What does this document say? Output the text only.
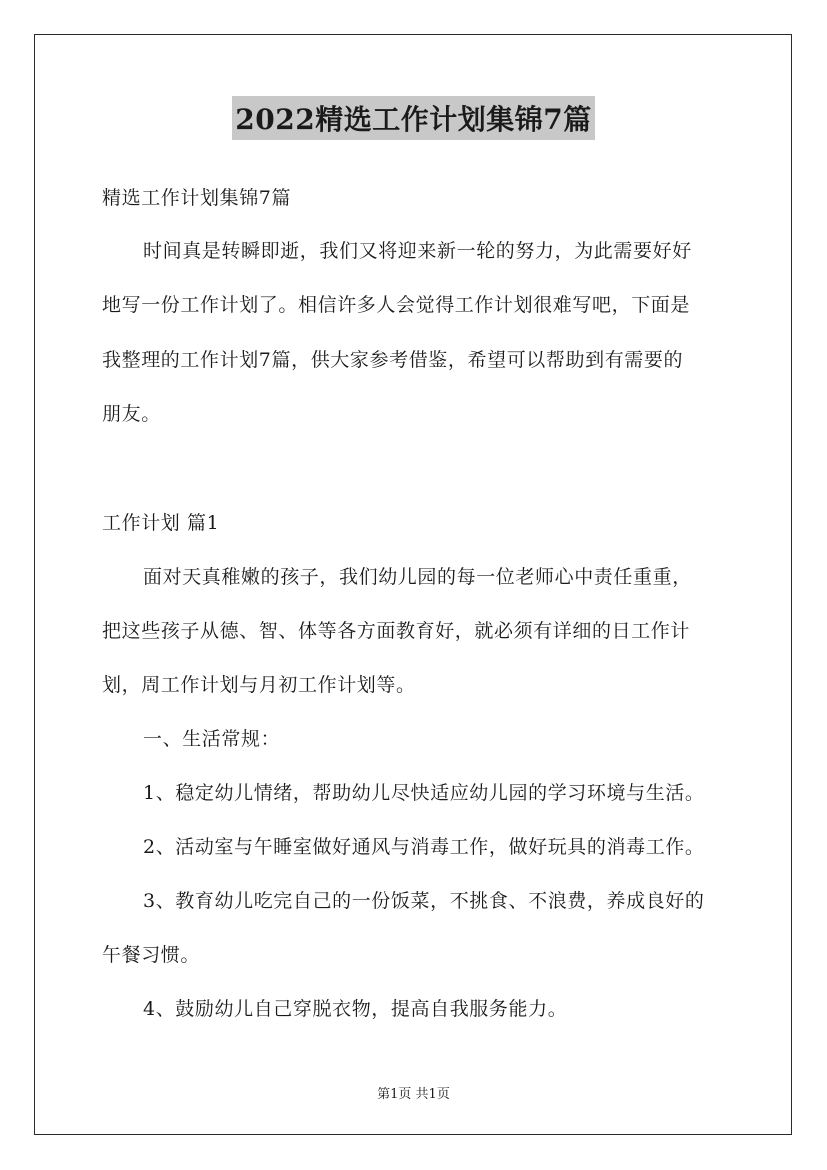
2022精选工作计划集锦7篇
精选工作计划集锦7篇
时间真是转瞬即逝，我们又将迎来新一轮的努力，为此需要好好
地写一份工作计划了。相信许多人会觉得工作计划很难写吧，下面是
我整理的工作计划7篇，供大家参考借鉴，希望可以帮助到有需要的
朋友。
工作计划 篇1
面对天真稚嫩的孩子，我们幼儿园的每一位老师心中责任重重，
把这些孩子从德、智、体等各方面教育好，就必须有详细的日工作计
划，周工作计划与月初工作计划等。
一、生活常规：
1、稳定幼儿情绪，帮助幼儿尽快适应幼儿园的学习环境与生活。
2、活动室与午睡室做好通风与消毒工作，做好玩具的消毒工作。
3、教育幼儿吃完自己的一份饭菜，不挑食、不浪费，养成良好的
午餐习惯。
4、鼓励幼儿自己穿脱衣物，提高自我服务能力。
第1页 共1页
